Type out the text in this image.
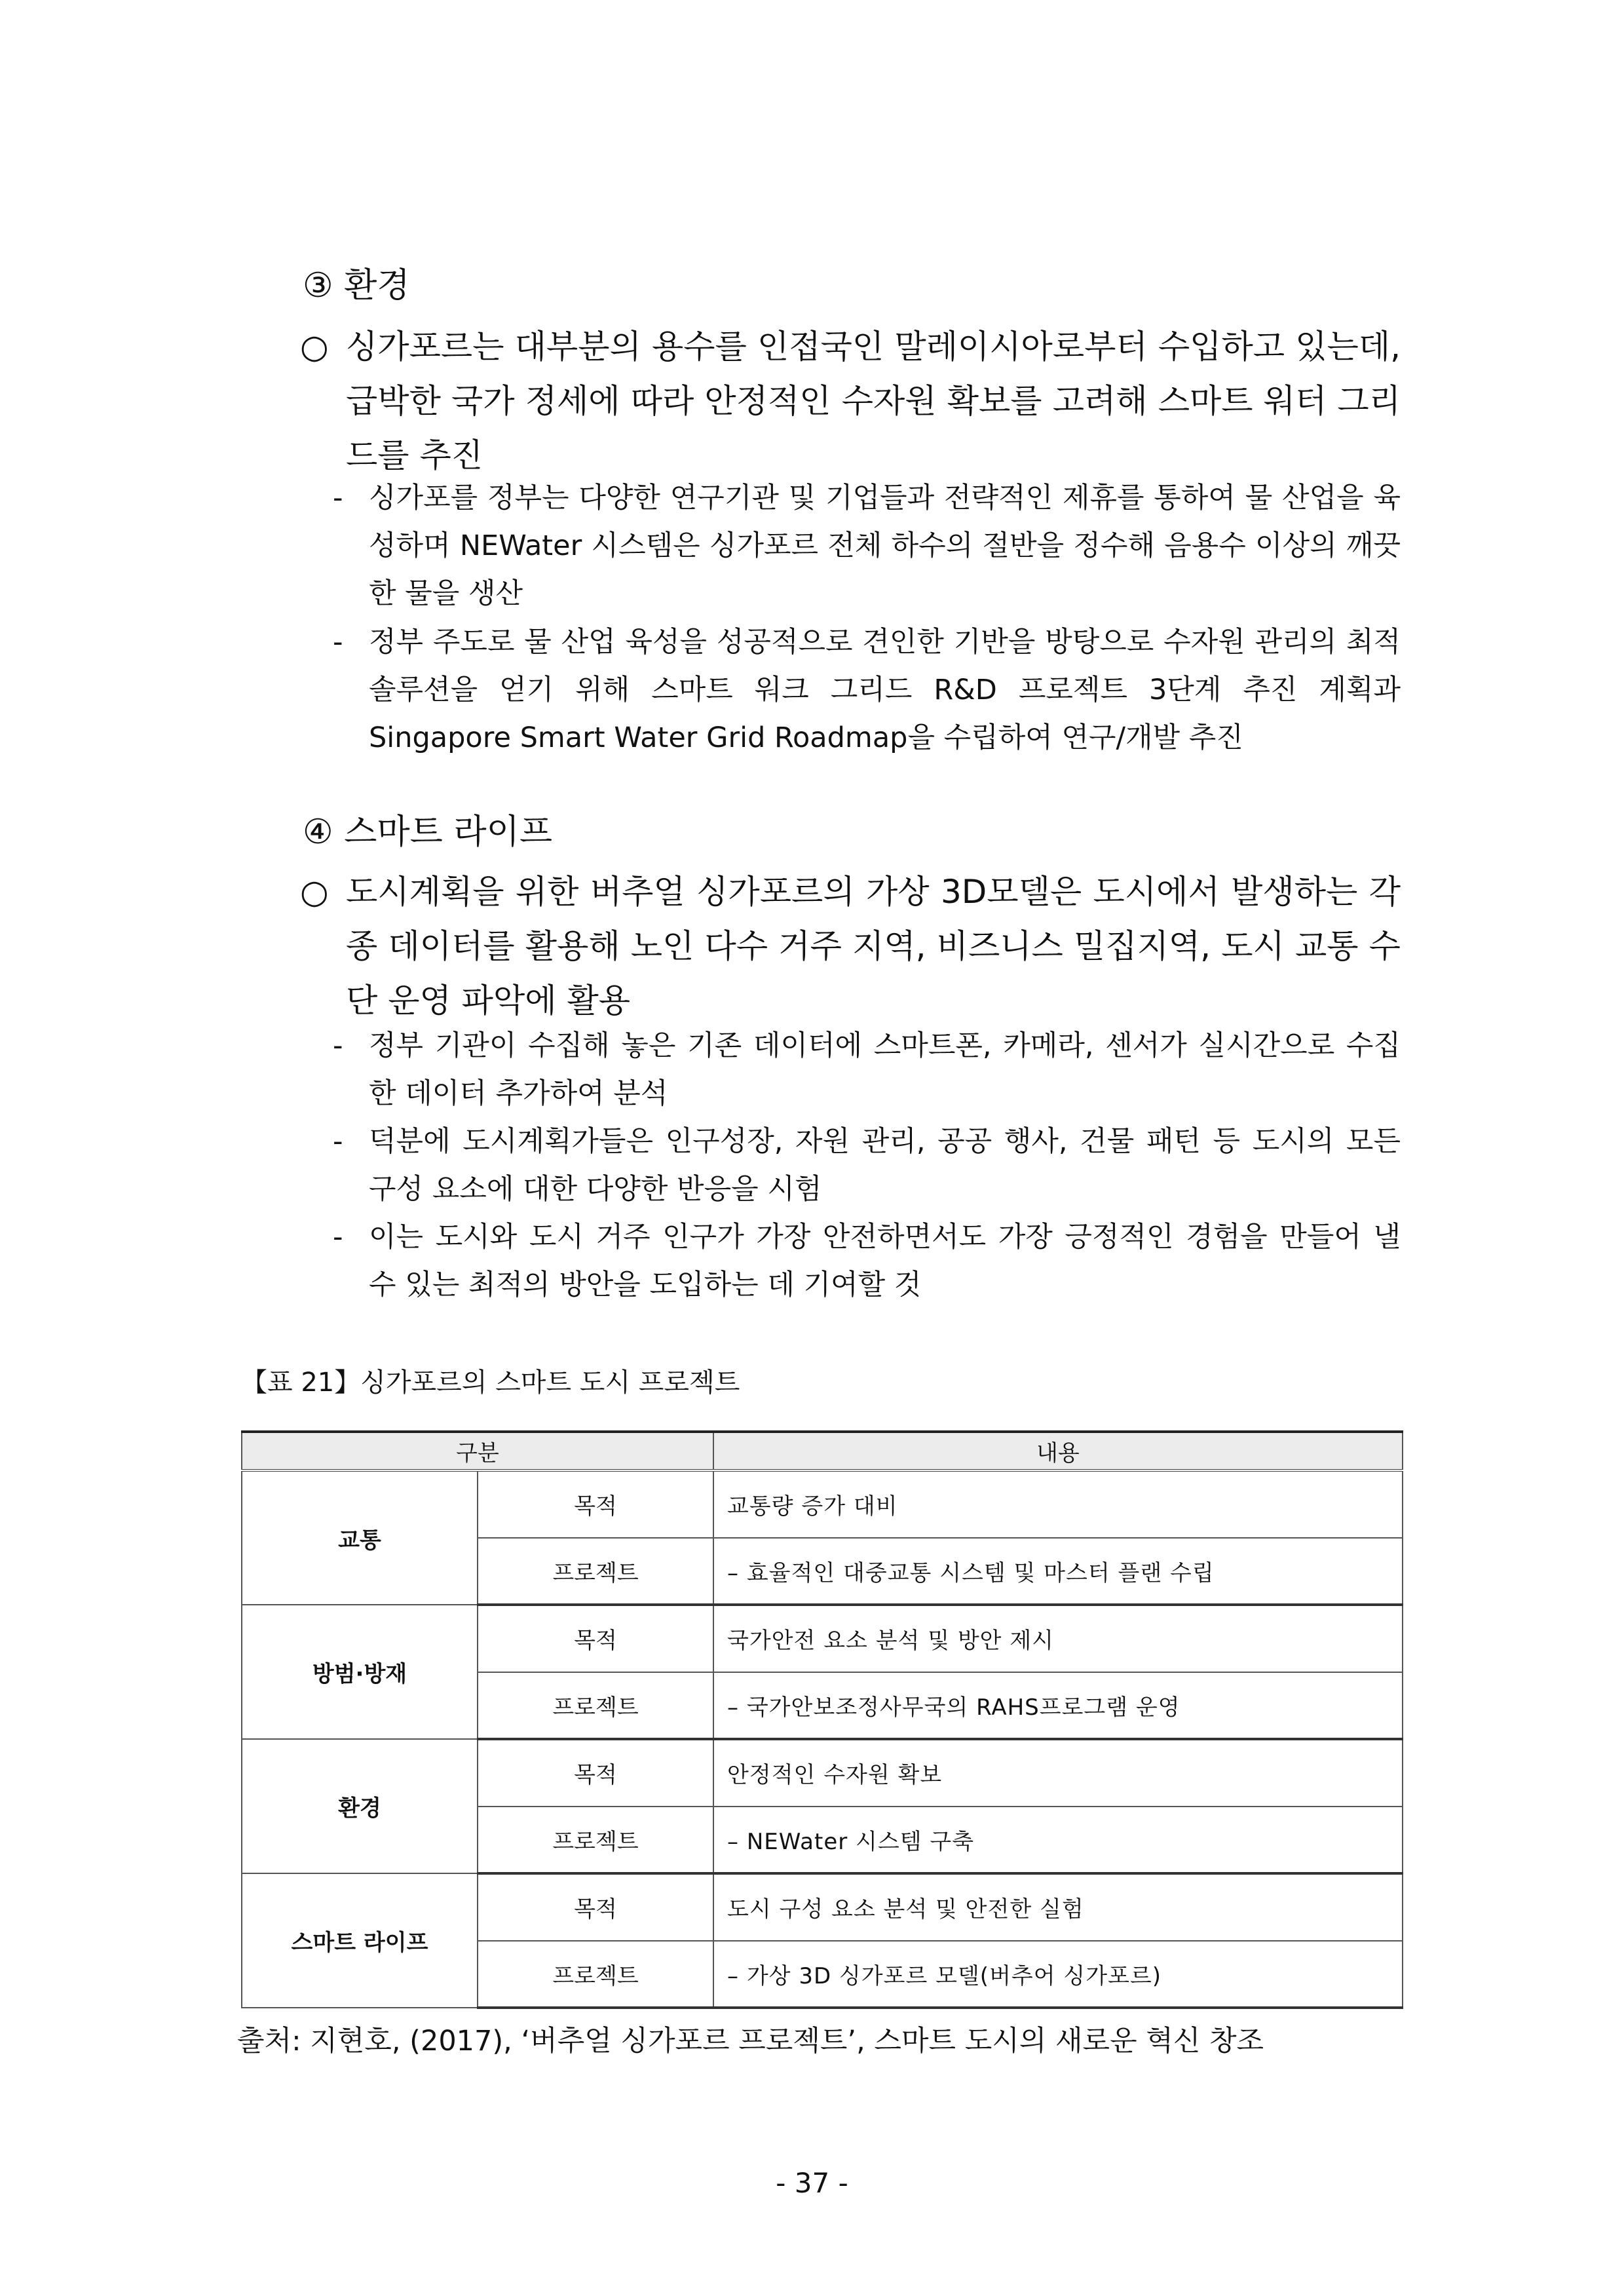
③ 환경
○ 싱가포르는 대부분의 용수를 인접국인 말레이시아로부터 수입하고 있는데, 급박한 국가 정세에 따라 안정적인 수자원 확보를 고려해 스마트 워터 그리드를 추진
- 싱가포를 정부는 다양한 연구기관 및 기업들과 전략적인 제휴를 통하여 물 산업을 육성하며 NEWater 시스템은 싱가포르 전체 하수의 절반을 정수해 음용수 이상의 깨끗한 물을 생산
- 정부 주도로 물 산업 육성을 성공적으로 견인한 기반을 방탕으로 수자원 관리의 최적솔루션을 얻기 위해 스마트 워크 그리드 R&D 프로젝트 3단계 추진 계획과 Singapore Smart Water Grid Roadmap을 수립하여 연구/개발 추진
④ 스마트 라이프
○ 도시계획을 위한 버추얼 싱가포르의 가상 3D모델은 도시에서 발생하는 각종 데이터를 활용해 노인 다수 거주 지역, 비즈니스 밀집지역, 도시 교통 수단 운영 파악에 활용
- 정부 기관이 수집해 놓은 기존 데이터에 스마트폰, 카메라, 센서가 실시간으로 수집한 데이터 추가하여 분석
- 덕분에 도시계획가들은 인구성장, 자원 관리, 공공 행사, 건물 패턴 등 도시의 모든 구성 요소에 대한 다양한 반응을 시험
- 이는 도시와 도시 거주 인구가 가장 안전하면서도 가장 긍정적인 경험을 만들어 낼 수 있는 최적의 방안을 도입하는 데 기여할 것
【표 21】싱가포르의 스마트 도시 프로젝트
구분		내용
교통	목적	교통량 증가 대비
	프로젝트	– 효율적인 대중교통 시스템 및 마스터 플랜 수립
방범·방재	목적	국가안전 요소 분석 및 방안 제시
	프로젝트	– 국가안보조정사무국의 RAHS프로그램 운영
환경	목적	안정적인 수자원 확보
	프로젝트	– NEWater 시스템 구축
스마트 라이프	목적	도시 구성 요소 분석 및 안전한 실험
	프로젝트	– 가상 3D 싱가포르 모델(버추어 싱가포르)
출처: 지현호, (2017), ‘버추얼 싱가포르 프로젝트’, 스마트 도시의 새로운 혁신 창조
- 37 -
